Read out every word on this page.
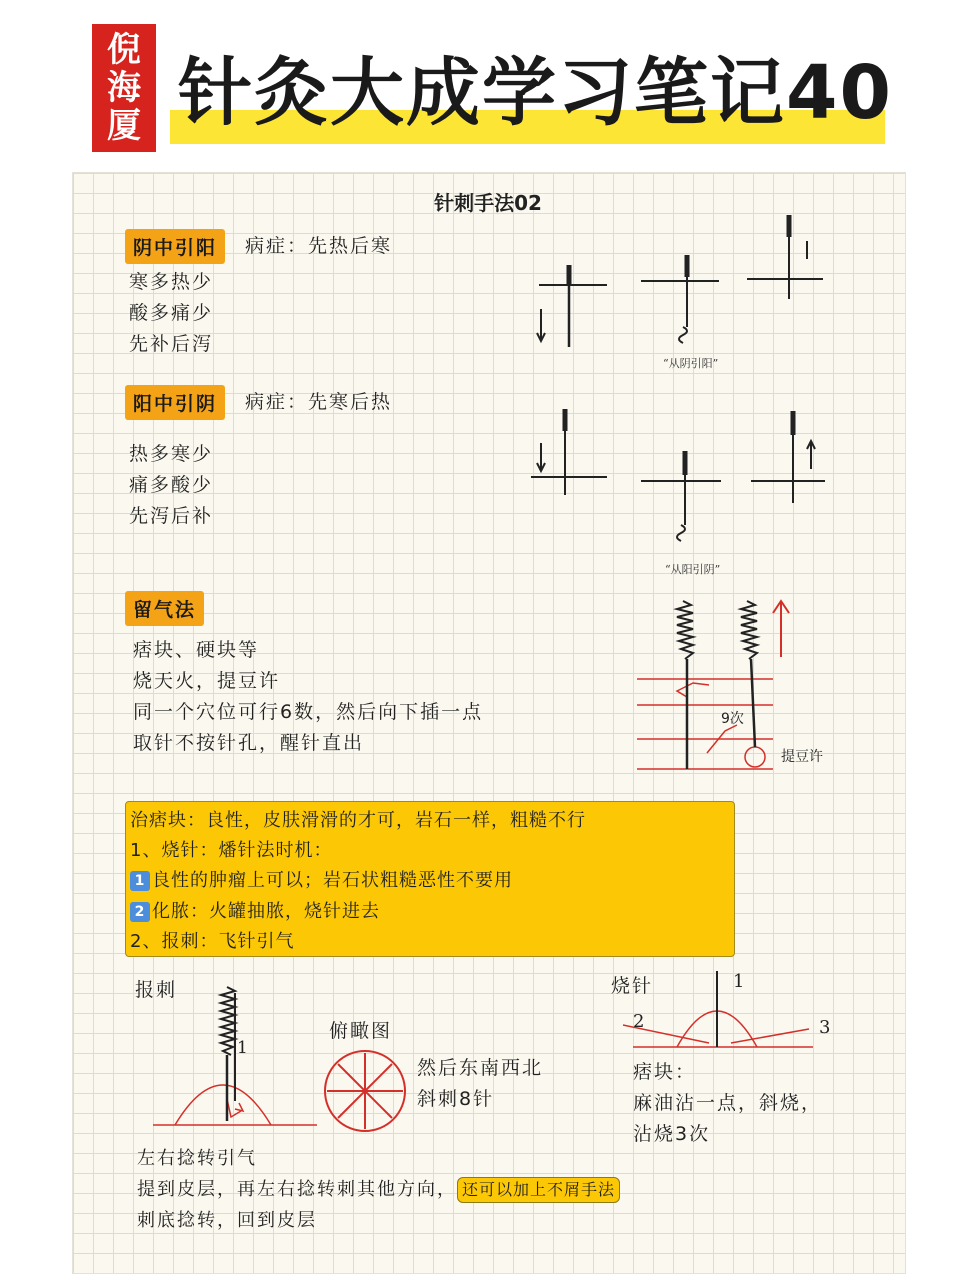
倪
海
厦 针灸大成学习笔记40
针刺手法02
阴中引阳	病症：先热后寒
寒多热少
酸多痛少
先补后泻
“从阴引阳”
阳中引阴	病症：先寒后热
热多寒少
痛多酸少
先泻后补
“从阳引阴”
留气法
痞块、硬块等
烧天火，提豆许
同一个穴位可行6数，然后向下插一点
取针不按针孔，醒针直出
9次
提豆许
治痞块：良性，皮肤滑滑的才可，岩石一样，粗糙不行
1、烧针：燔针法时机：
1 良性的肿瘤上可以；岩石状粗糙恶性不要用
2 化脓：火罐抽脓，烧针进去
2、报刺：飞针引气
报刺
1
俯瞰图
然后东南西北
斜刺8针
烧针	1
2	3
痞块：
麻油沾一点，斜烧，
沾烧3次
左右捻转引气
提到皮层，再左右捻转刺其他方向， 还可以加上不屑手法
刺底捻转，回到皮层
